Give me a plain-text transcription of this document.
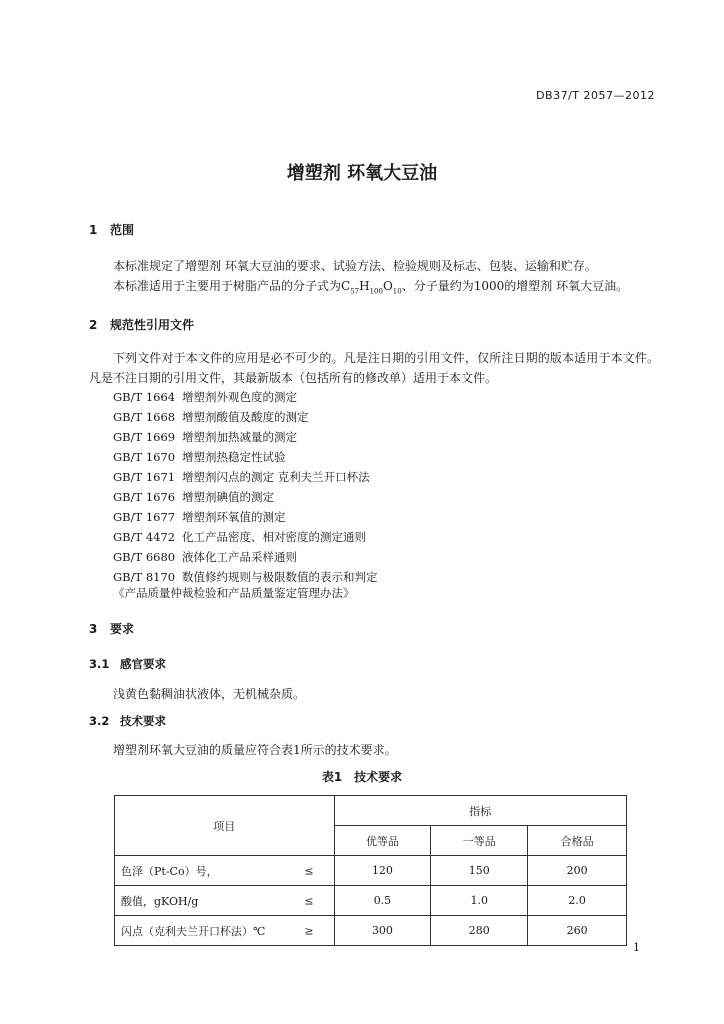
DB37/T 2057—2012
增塑剂 环氧大豆油
1 范围
本标准规定了增塑剂 环氧大豆油的要求、试验方法、检验规则及标志、包装、运输和贮存。
本标准适用于主要用于树脂产品的分子式为$C_{57}H_{100}O_{10}$、分子量约为1000的增塑剂 环氧大豆油。
2 规范性引用文件
下列文件对于本文件的应用是必不可少的。凡是注日期的引用文件，仅所注日期的版本适用于本文件。凡是不注日期的引用文件，其最新版本（包括所有的修改单）适用于本文件。
GB/T 1664 增塑剂外观色度的测定
GB/T 1668 增塑剂酸值及酸度的测定
GB/T 1669 增塑剂加热减量的测定
GB/T 1670 增塑剂热稳定性试验
GB/T 1671 增塑剂闪点的测定 克利夫兰开口杯法
GB/T 1676 增塑剂碘值的测定
GB/T 1677 增塑剂环氧值的测定
GB/T 4472 化工产品密度、相对密度的测定通则
GB/T 6680 液体化工产品采样通则
GB/T 8170 数值修约规则与极限数值的表示和判定
《产品质量仲裁检验和产品质量鉴定管理办法》
3 要求
3.1 感官要求
浅黄色黏稠油状液体，无机械杂质。
3.2 技术要求
增塑剂环氧大豆油的质量应符合表1所示的技术要求。
表1　技术要求
项目	指标		
	优等品	一等品	合格品
色泽（Pt-Co）号， ≤	120	150	200
酸值，gKOH/g ≤	0.5	1.0	2.0
闪点（克利夫兰开口杯法）℃ ≥	300	280	260
1
